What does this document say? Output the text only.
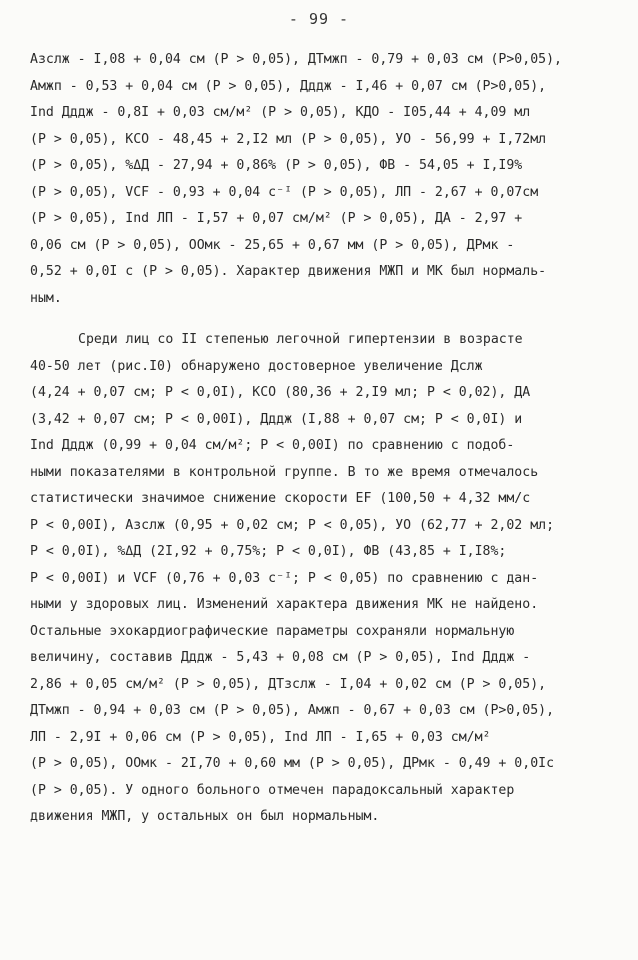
- 99 -
Aзслж - I,08 + 0,04 см (P > 0,05), ДTмжп - 0,79 + 0,03 см (P>0,05),
Aмжп - 0,53 + 0,04 см (P > 0,05), Дддж - I,46 + 0,07 см (P>0,05),
Ind Дддж - 0,8I + 0,03 см/м² (P > 0,05), КДО - I05,44 + 4,09 мл
(P > 0,05), КСО - 48,45 + 2,I2 мл (P > 0,05), УО - 56,99 + I,72мл
(P > 0,05), %ΔД - 27,94 + 0,86% (P > 0,05), ФВ - 54,05 + I,I9%
(P > 0,05), VCF - 0,93 + 0,04 с⁻ᴵ (P > 0,05), ЛП - 2,67 + 0,07см
(P > 0,05), Ind ЛП - I,57 + 0,07 см/м² (P > 0,05), ДА - 2,97 +
0,06 см (P > 0,05), ООмк - 25,65 + 0,67 мм (P > 0,05), ДРмк -
0,52 + 0,0I с (P > 0,05). Характер движения МЖП и МК был нормаль-
ным.
Среди лиц со II степенью легочной гипертензии в возрасте
40-50 лет (рис.I0) обнаружено достоверное увеличение Дслж
(4,24 + 0,07 см; P < 0,0I), КСО (80,36 + 2,I9 мл; P < 0,02), ДА
(3,42 + 0,07 см; P < 0,00I), Дддж (I,88 + 0,07 см; P < 0,0I) и
Ind Дддж (0,99 + 0,04 см/м²; P < 0,00I) по сравнению с подоб-
ными показателями в контрольной группе. В то же время отмечалось
статистически значимое снижение скорости EF (100,50 + 4,32 мм/с
P < 0,00I), Aзслж (0,95 + 0,02 см; P < 0,05), УО (62,77 + 2,02 мл;
P < 0,0I), %ΔД (2I,92 + 0,75%; P < 0,0I), ФВ (43,85 + I,I8%;
P < 0,00I) и VCF (0,76 + 0,03 с⁻ᴵ; P < 0,05) по сравнению с дан-
ными у здоровых лиц. Изменений характера движения МК не найдено.
Остальные эхокардиографические параметры сохраняли нормальную
величину, составив Дддж - 5,43 + 0,08 см (P > 0,05), Ind Дддж -
2,86 + 0,05 см/м² (P > 0,05), ДTзслж - I,04 + 0,02 см (P > 0,05),
ДTмжп - 0,94 + 0,03 см (P > 0,05), Aмжп - 0,67 + 0,03 см (P>0,05),
ЛП - 2,9I + 0,06 см (P > 0,05), Ind ЛП - I,65 + 0,03 см/м²
(P > 0,05), ООмк - 2I,70 + 0,60 мм (P > 0,05), ДРмк - 0,49 + 0,0Iс
(P > 0,05). У одного больного отмечен парадоксальный характер
движения МЖП, у остальных он был нормальным.
